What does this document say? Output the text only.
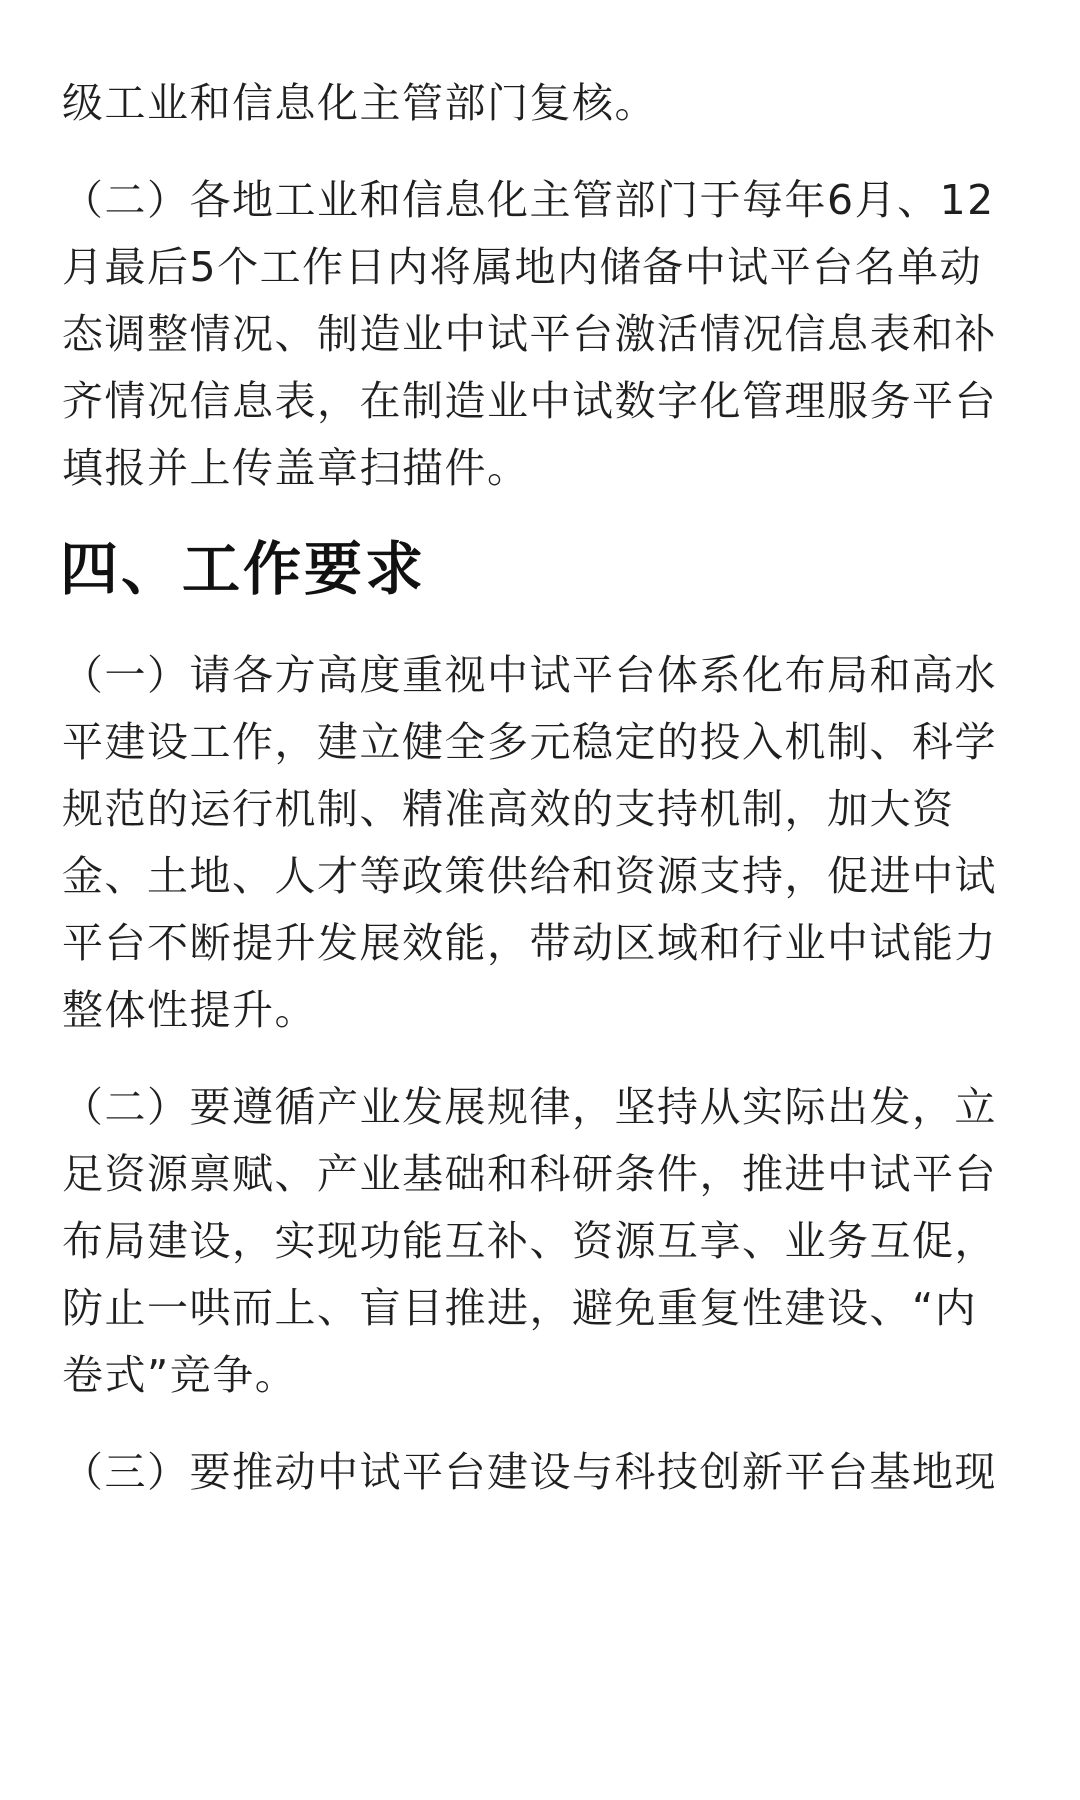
级工业和信息化主管部门复核。
（二）各地工业和信息化主管部门于每年6月、12
月最后5个工作日内将属地内储备中试平台名单动
态调整情况、制造业中试平台激活情况信息表和补
齐情况信息表，在制造业中试数字化管理服务平台
填报并上传盖章扫描件。
四、工作要求
（一）请各方高度重视中试平台体系化布局和高水
平建设工作，建立健全多元稳定的投入机制、科学
规范的运行机制、精准高效的支持机制，加大资
金、土地、人才等政策供给和资源支持，促进中试
平台不断提升发展效能，带动区域和行业中试能力
整体性提升。
（二）要遵循产业发展规律，坚持从实际出发，立
足资源禀赋、产业基础和科研条件，推进中试平台
布局建设，实现功能互补、资源互享、业务互促，
防止一哄而上、盲目推进，避免重复性建设、“内
卷式”竞争。
（三）要推动中试平台建设与科技创新平台基地现
